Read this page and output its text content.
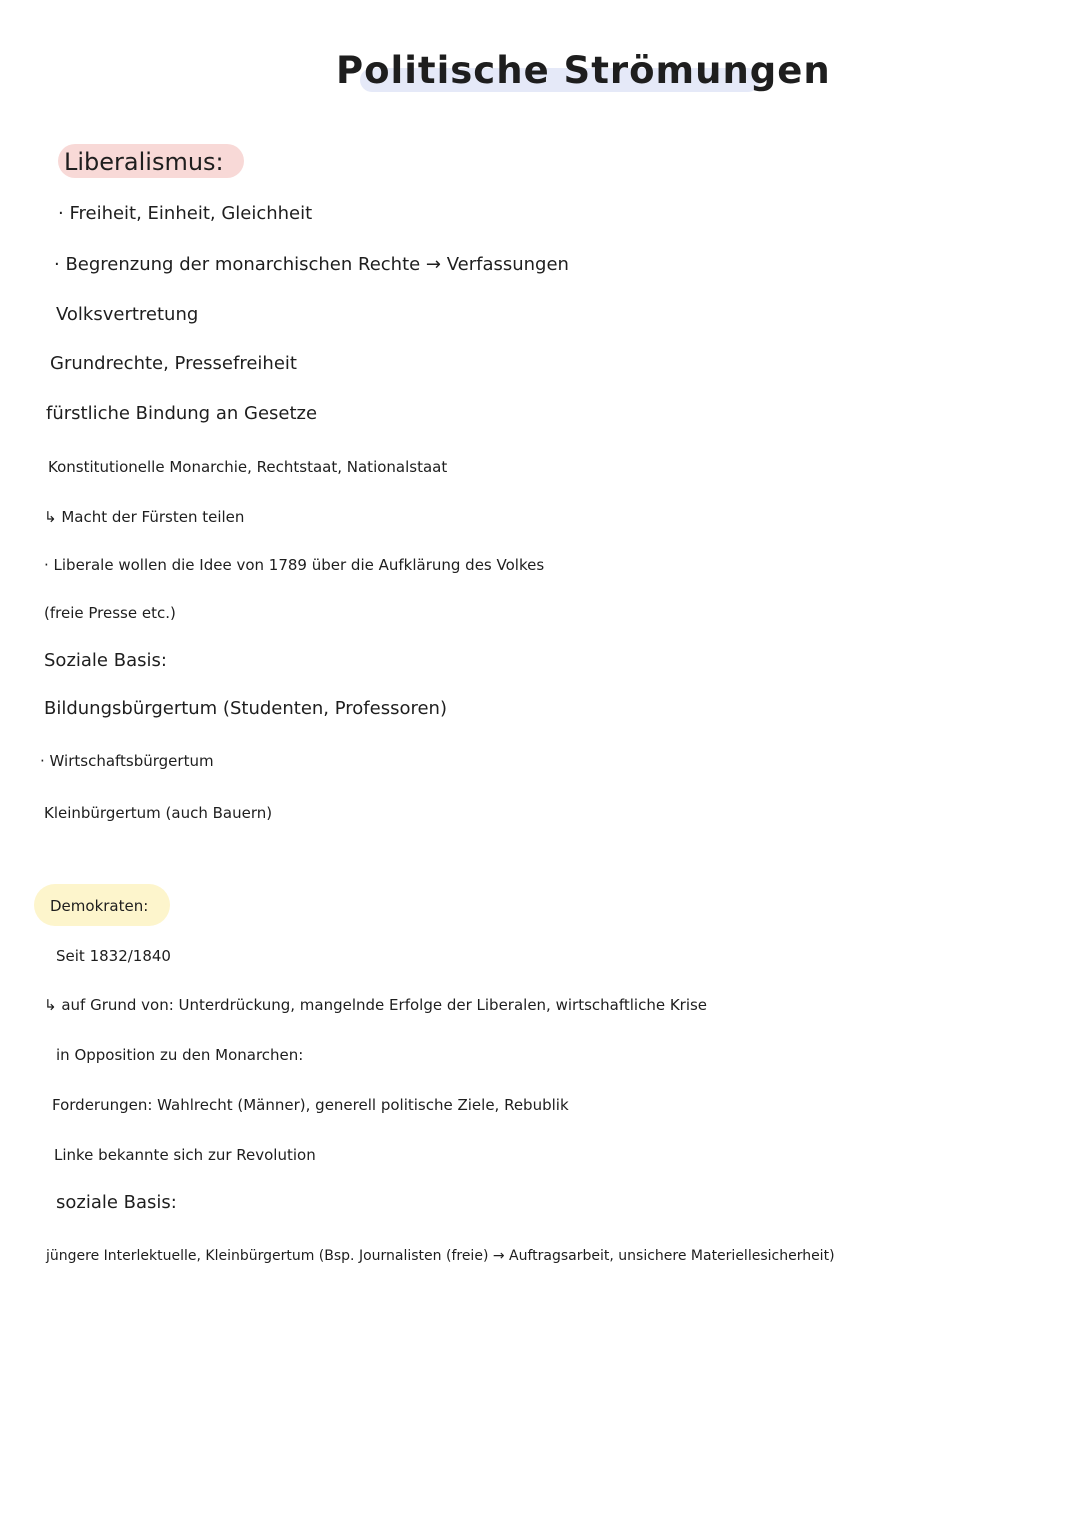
Politische Strömungen
Liberalismus:
· Freiheit, Einheit, Gleichheit
· Begrenzung der monarchischen Rechte → Verfassungen
Volksvertretung
Grundrechte, Pressefreiheit
fürstliche Bindung an Gesetze
Konstitutionelle Monarchie, Rechtstaat, Nationalstaat
↳ Macht der Fürsten teilen
· Liberale wollen die Idee von 1789 über die Aufklärung des Volkes
(freie Presse etc.)
Soziale Basis:
Bildungsbürgertum (Studenten, Professoren)
· Wirtschaftsbürgertum
Kleinbürgertum (auch Bauern)
Demokraten:
Seit 1832/1840
↳ auf Grund von: Unterdrückung, mangelnde Erfolge der Liberalen, wirtschaftliche Krise
in Opposition zu den Monarchen:
Forderungen: Wahlrecht (Männer), generell politische Ziele, Rebublik
Linke bekannte sich zur Revolution
soziale Basis:
jüngere Interlektuelle, Kleinbürgertum (Bsp. Journalisten (freie) → Auftragsarbeit, unsichere Materiellesicherheit)
